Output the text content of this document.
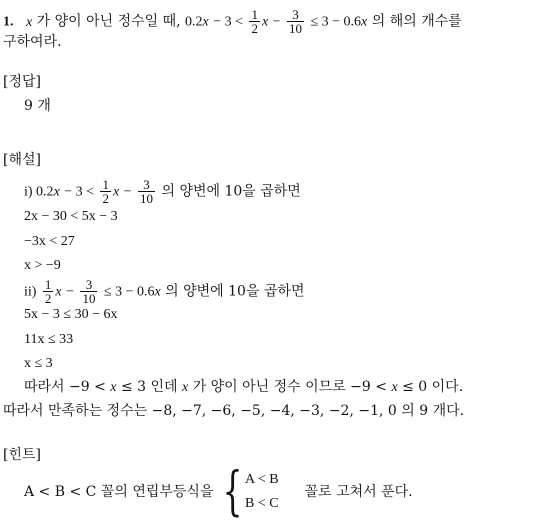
1. x 가 양이 아닌 정수일 때, $0.2x - 3 < \frac{1}{2}$ $x - \frac{3}{10} \le 3 - 0.6x$ 의 해의 개수를
구하여라.
[정답]
9 개
[해설]
i) $0.2x - 3 < \frac{1}{2}$ $x - \frac{3}{10}$ 의 양변에 10을 곱하면
2x − 30 < 5x − 3
−3x < 27
x > −9
$ii) \frac{1}{2}$ $x - \frac{3}{10} \le 3 - 0.6x$ 의 양변에 10을 곱하면
5x − 3 ≤ 30 − 6x
11x ≤ 33
x ≤ 3
따라서 −9 < x ≤ 3 인데 x 가 양이 아닌 정수 이므로 −9 < x ≤ 0 이다.
따라서 만족하는 정수는 −8, −7, −6, −5, −4, −3, −2, −1, 0 의 9 개다.
[힌트]
A < B < C 꼴의 연립부등식을 { A < B
B < C
꼴로 고쳐서 푼다.
